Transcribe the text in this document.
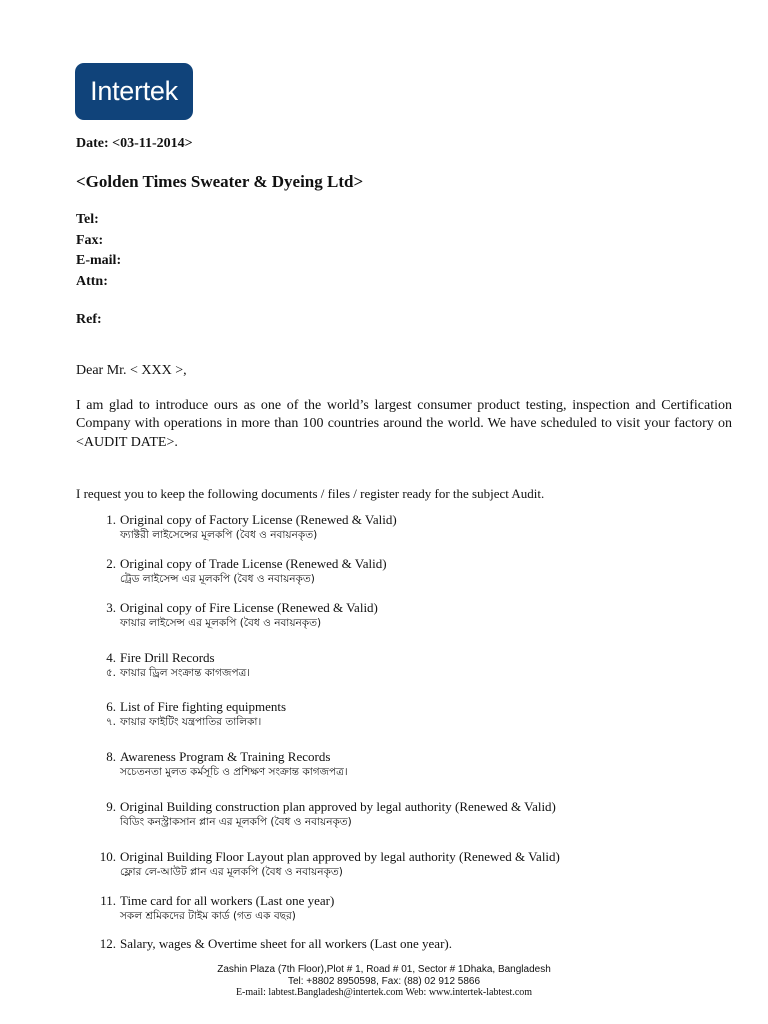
Intertek
Date: <03-11-2014>
<Golden Times Sweater & Dyeing Ltd>
Tel:
Fax:
E-mail:
Attn:
Ref:
Dear Mr. < XXX >,
I am glad to introduce ours as one of the world’s largest consumer product testing, inspection and Certification Company with operations in more than 100 countries around the world. We have scheduled to visit your factory on <AUDIT DATE>.
I request you to keep the following documents / files / register ready for the subject Audit.
1. Original copy of Factory License (Renewed & Valid)
ফ্যাক্টরী লাইসেন্সের মূলকপি (বৈধ ও নবায়নকৃত)
2. Original copy of Trade License (Renewed & Valid)
ট্রেড লাইসেন্স এর মূলকপি (বৈধ ও নবায়নকৃত)
3. Original copy of Fire License (Renewed & Valid)
ফায়ার লাইসেন্স এর মূলকপি (বৈধ ও নবায়নকৃত)
4. Fire Drill Records
৫. ফায়ার ড্রিল সংক্রান্ত কাগজপত্র।
6. List of Fire fighting equipments
৭. ফায়ার ফাইটিং যন্ত্রপাতির তালিকা।
8. Awareness Program & Training Records
সচেতনতা মুলত কর্মসূচি ও প্রশিক্ষণ সংক্রান্ত কাগজপত্র।
9. Original Building construction plan approved by legal authority (Renewed & Valid)
বিডিং কনস্ট্রাকসান প্লান এর মূলকপি (বৈধ ও নবায়নকৃত)
10. Original Building Floor Layout plan approved by legal authority (Renewed & Valid)
ফ্লোর লে-আউট প্লান এর মূলকপি (বৈধ ও নবায়নকৃত)
11. Time card for all workers (Last one year)
সকল শ্রমিকদের টাইম কার্ড (গত এক বছর)
12. Salary, wages & Overtime sheet for all workers (Last one year).
Zashin Plaza (7th Floor),Plot # 1, Road # 01, Sector # 1Dhaka, Bangladesh
Tel: +8802 8950598, Fax: (88) 02 912 5866
E-mail: labtest.Bangladesh@intertek.com Web: www.intertek-labtest.com
